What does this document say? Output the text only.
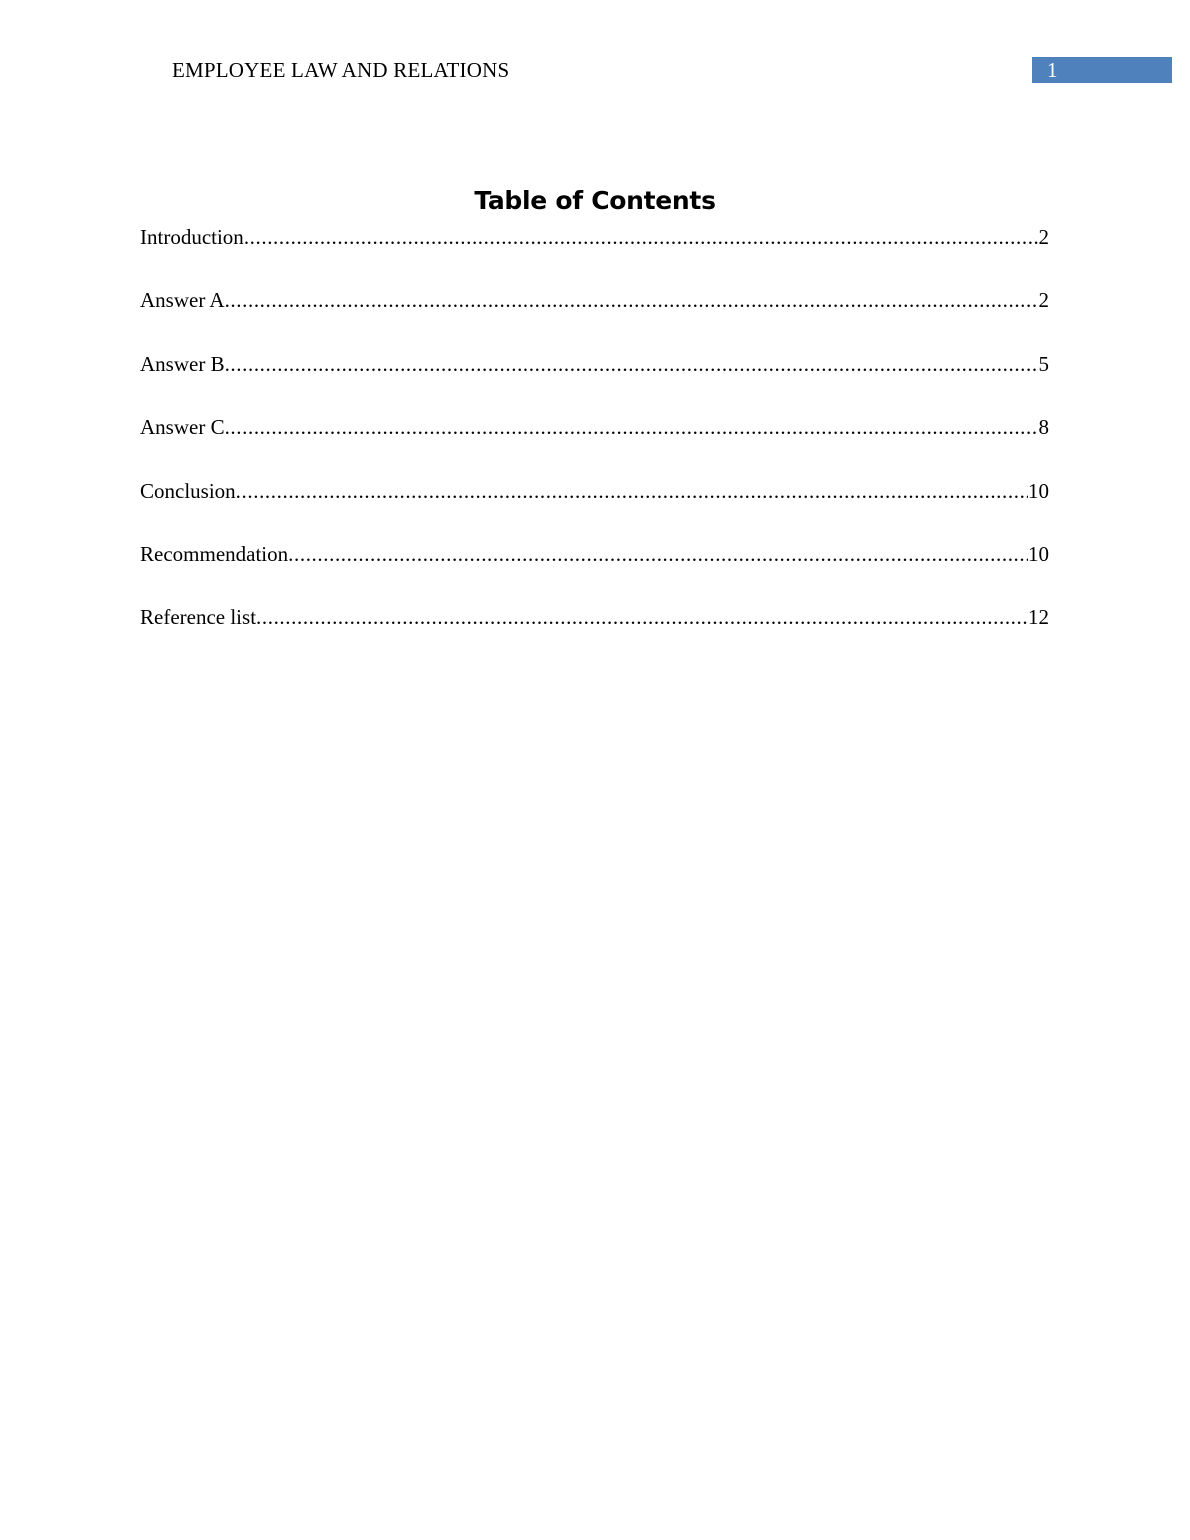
EMPLOYEE LAW AND RELATIONS	1
Table of Contents
Introduction .....	2
Answer A .....	2
Answer B .....	5
Answer C .....	8
Conclusion .....	10
Recommendation .....	10
Reference list .....	12
